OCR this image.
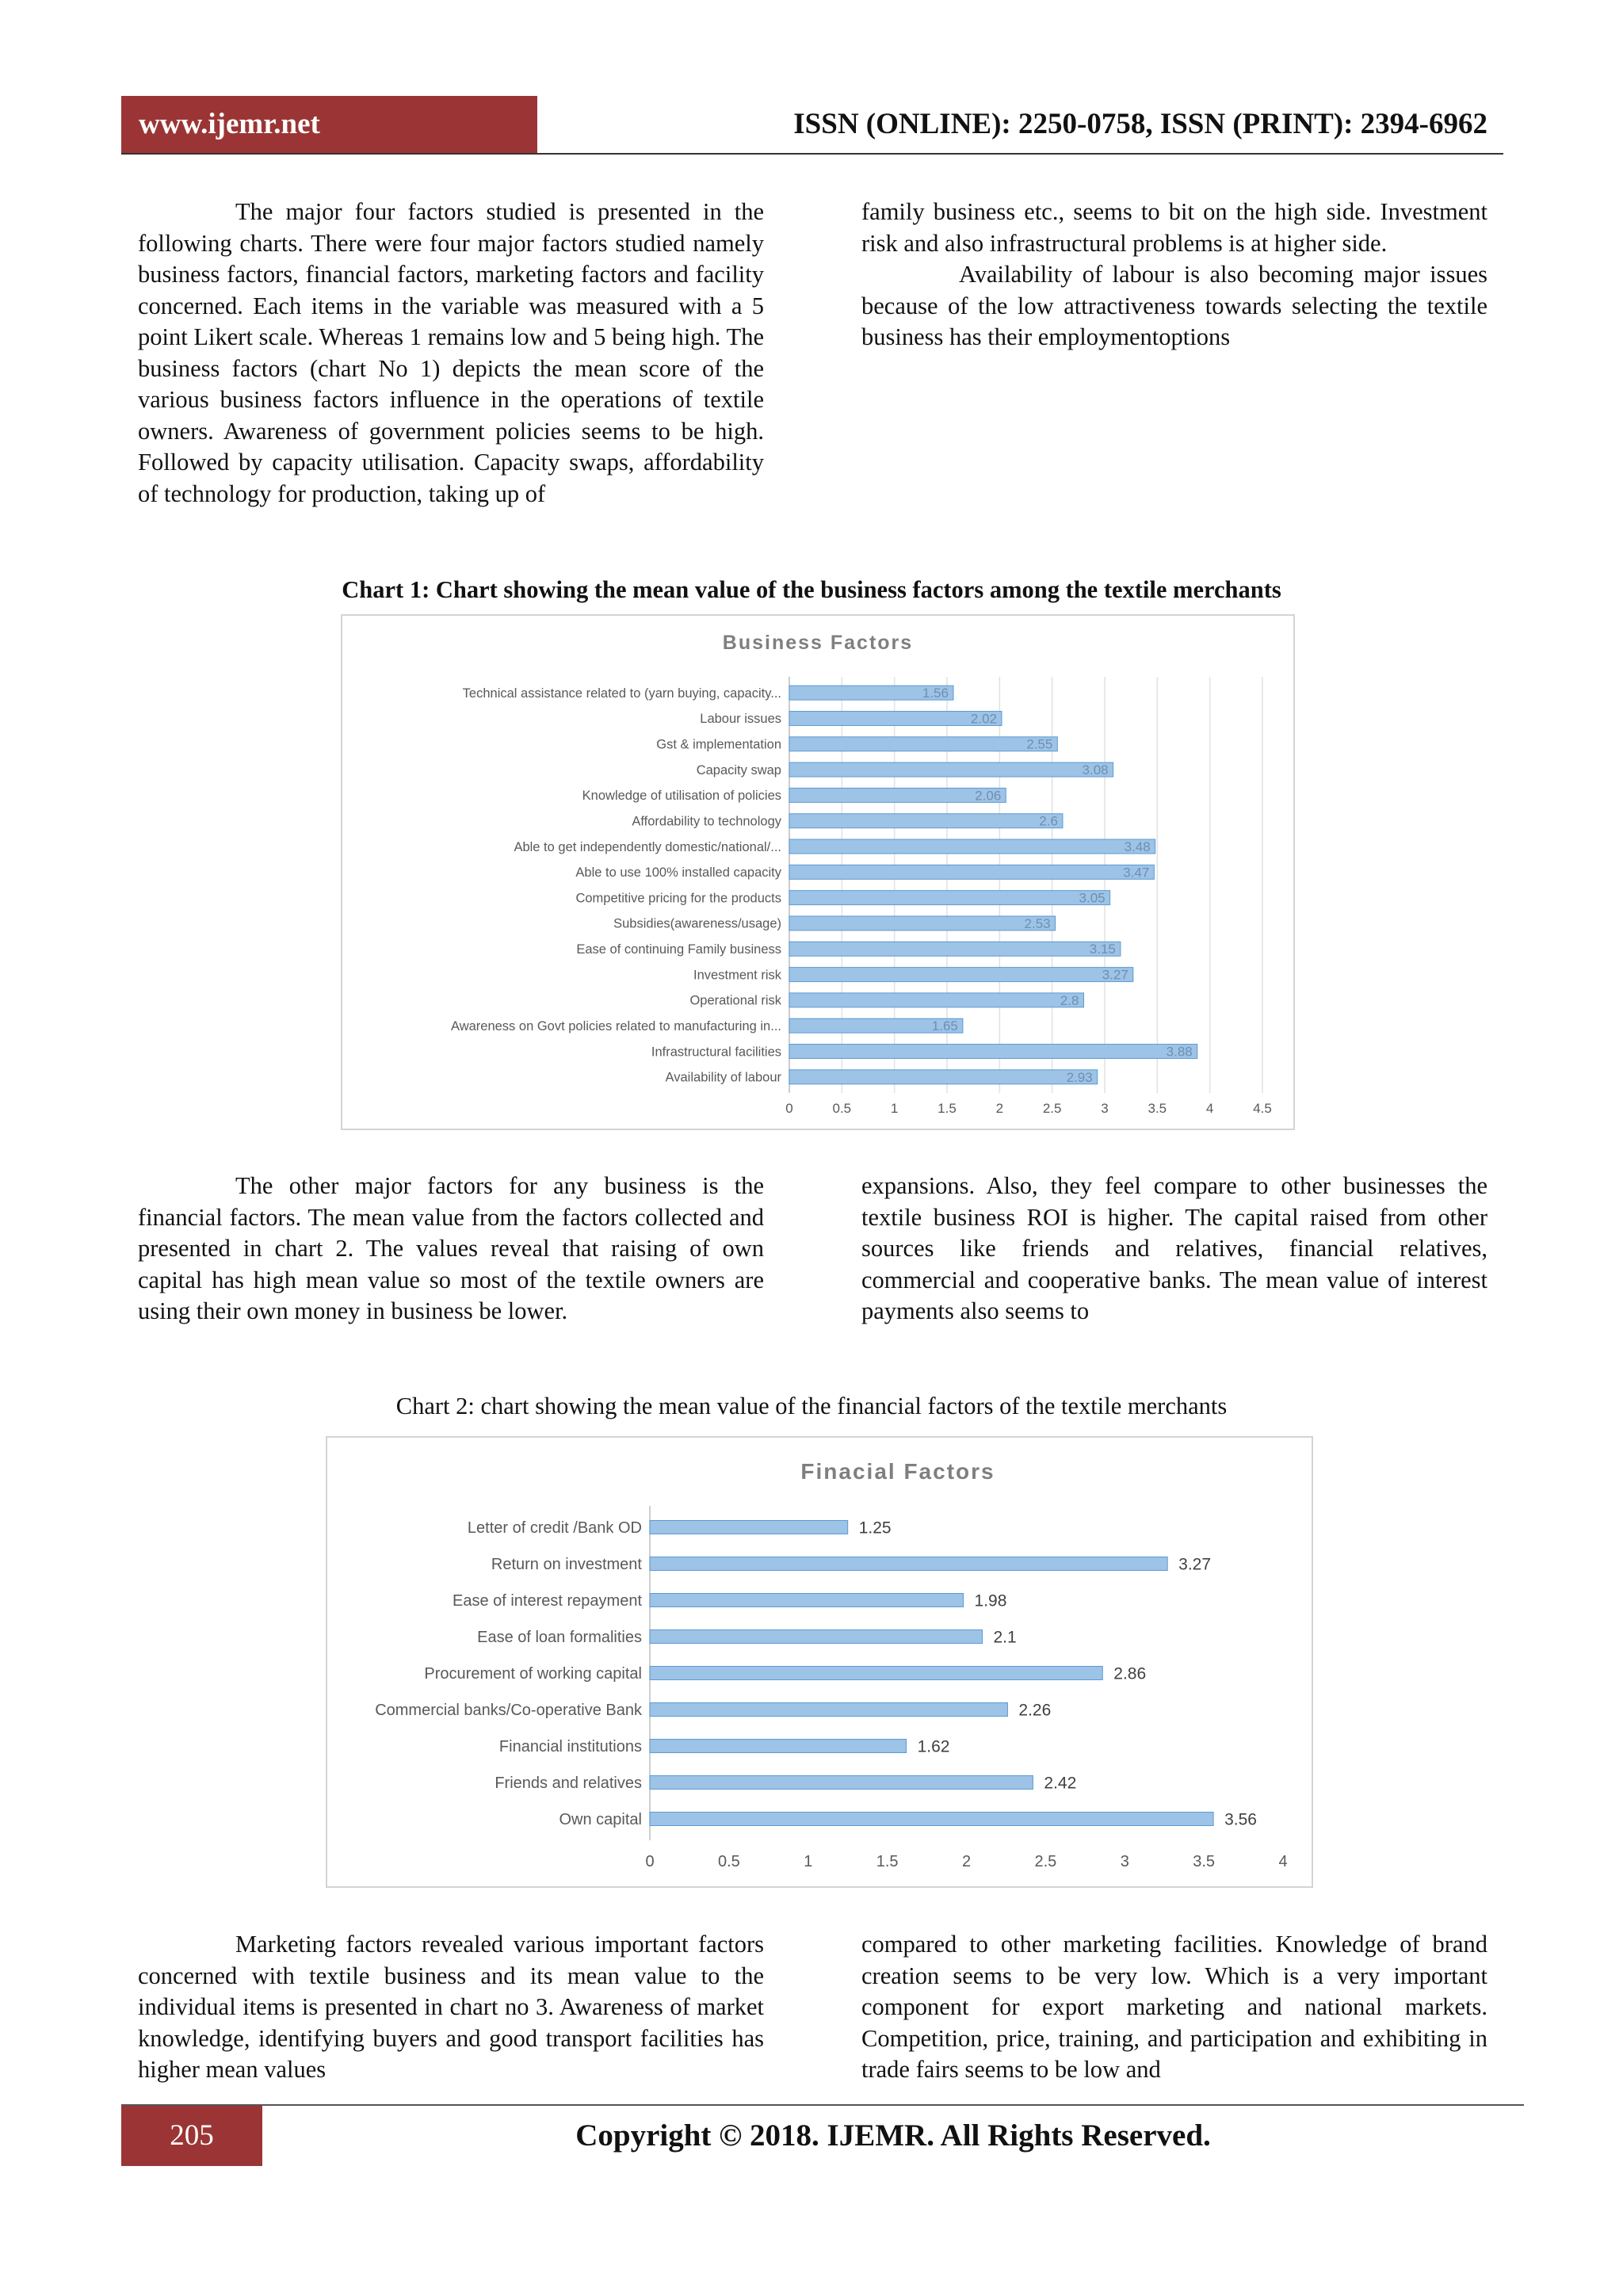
www.ijemr.net	ISSN (ONLINE): 2250-0758, ISSN (PRINT): 2394-6962

The major four factors studied is presented in the following charts. There were four major factors studied namely business factors, financial factors, marketing factors and facility concerned. Each items in the variable was measured with a 5 point Likert scale. Whereas 1 remains low and 5 being high. The business factors (chart No 1) depicts the mean score of the various business factors influence in the operations of textile owners. Awareness of government policies seems to be high. Followed by capacity utilisation. Capacity swaps, affordability of technology for production, taking up of

family business etc., seems to bit on the high side. Investment risk and also infrastructural problems is at higher side.

Availability of labour is also becoming major issues because of the low attractiveness towards selecting the textile business has their employmentoptions

Chart 1: Chart showing the mean value of the business factors among the textile merchants
Business Factors
0	0.5	1	1.5	2	2.5	3	3.5	4	4.5
Technical assistance related to (yarn buying, capacity...	1.56
Labour issues	2.02
Gst & implementation	2.55
Capacity swap	3.08
Knowledge of utilisation of policies	2.06
Affordability to technology	2.6
Able to get independently domestic/national/...	3.48
Able to use 100% installed capacity	3.47
Competitive pricing for the products	3.05
Subsidies(awareness/usage)	2.53
Ease of continuing Family business	3.15
Investment risk	3.27
Operational risk	2.8
Awareness on Govt policies related to manufacturing in...	1.65
Infrastructural facilities	3.88
Availability of labour	2.93

The other major factors for any business is the financial factors. The mean value from the factors collected and presented in chart 2. The values reveal that raising of own capital has high mean value so most of the textile owners are using their own money in business be lower.

expansions. Also, they feel compare to other businesses the textile business ROI is higher. The capital raised from other sources like friends and relatives, financial relatives, commercial and cooperative banks. The mean value of interest payments also seems to

Chart 2: chart showing the mean value of the financial factors of the textile merchants
Finacial Factors
0	0.5	1	1.5	2	2.5	3	3.5	4
Letter of credit /Bank OD	1.25
Return on investment	3.27
Ease of interest repayment	1.98
Ease of loan formalities	2.1
Procurement of working capital	2.86
Commercial banks/Co-operative Bank	2.26
Financial institutions	1.62
Friends and relatives	2.42
Own capital	3.56

Marketing factors revealed various important factors concerned with textile business and its mean value to the individual items is presented in chart no 3. Awareness of market knowledge, identifying buyers and good transport facilities has higher mean values

compared to other marketing facilities. Knowledge of brand creation seems to be very low. Which is a very important component for export marketing and national markets. Competition, price, training, and participation and exhibiting in trade fairs seems to be low and

205	Copyright © 2018. IJEMR. All Rights Reserved.
